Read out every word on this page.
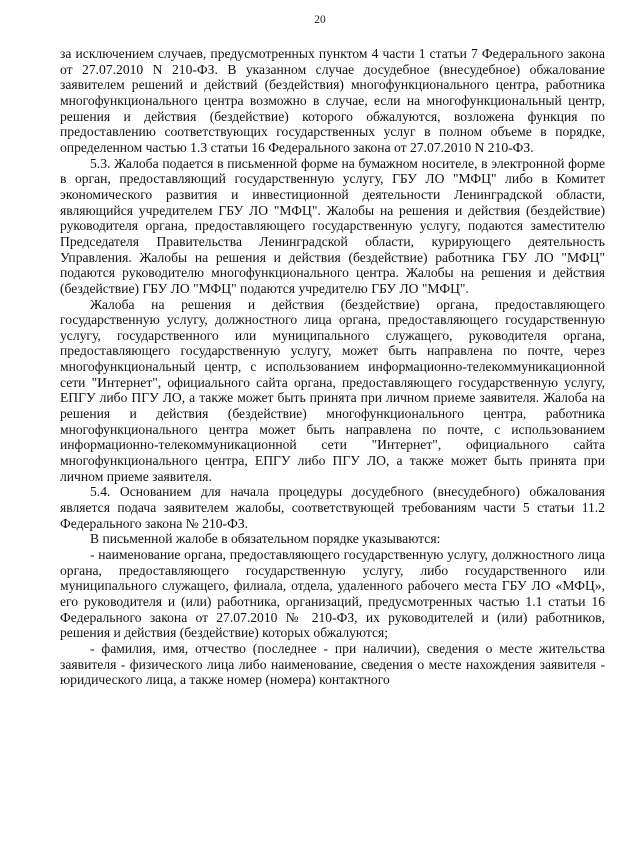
20

за исключением случаев, предусмотренных пунктом 4 части 1 статьи 7 Федерального закона от 27.07.2010 N 210-ФЗ. В указанном случае досудебное (внесудебное) обжалование заявителем решений и действий (бездействия) многофункционального центра, работника многофункционального центра возможно в случае, если на многофункциональный центр, решения и действия (бездействие) которого обжалуются, возложена функция по предоставлению соответствующих государственных услуг в полном объеме в порядке, определенном частью 1.3 статьи 16 Федерального закона от 27.07.2010 N 210-ФЗ.

5.3. Жалоба подается в письменной форме на бумажном носителе, в электронной форме в орган, предоставляющий государственную услугу, ГБУ ЛО "МФЦ" либо в Комитет экономического развития и инвестиционной деятельности Ленинградской области, являющийся учредителем ГБУ ЛО "МФЦ". Жалобы на решения и действия (бездействие) руководителя органа, предоставляющего государственную услугу, подаются заместителю Председателя Правительства Ленинградской области, курирующего деятельность Управления. Жалобы на решения и действия (бездействие) работника ГБУ ЛО "МФЦ" подаются руководителю многофункционального центра. Жалобы на решения и действия (бездействие) ГБУ ЛО "МФЦ" подаются учредителю ГБУ ЛО "МФЦ".

Жалоба на решения и действия (бездействие) органа, предоставляющего государственную услугу, должностного лица органа, предоставляющего государственную услугу, государственного или муниципального служащего, руководителя органа, предоставляющего государственную услугу, может быть направлена по почте, через многофункциональный центр, с использованием информационно-телекоммуникационной сети "Интернет", официального сайта органа, предоставляющего государственную услугу, ЕПГУ либо ПГУ ЛО, а также может быть принята при личном приеме заявителя. Жалоба на решения и действия (бездействие) многофункционального центра, работника многофункционального центра может быть направлена по почте, с использованием информационно-телекоммуникационной сети "Интернет", официального сайта многофункционального центра, ЕПГУ либо ПГУ ЛО, а также может быть принята при личном приеме заявителя.

5.4. Основанием для начала процедуры досудебного (внесудебного) обжалования является подача заявителем жалобы, соответствующей требованиям части 5 статьи 11.2 Федерального закона № 210-ФЗ.

В письменной жалобе в обязательном порядке указываются:

- наименование органа, предоставляющего государственную услугу, должностного лица органа, предоставляющего государственную услугу, либо государственного или муниципального служащего, филиала, отдела, удаленного рабочего места ГБУ ЛО «МФЦ», его руководителя и (или) работника, организаций, предусмотренных частью 1.1 статьи 16 Федерального закона от 27.07.2010 № 210-ФЗ, их руководителей и (или) работников, решения и действия (бездействие) которых обжалуются;

- фамилия, имя, отчество (последнее - при наличии), сведения о месте жительства заявителя - физического лица либо наименование, сведения о месте нахождения заявителя - юридического лица, а также номер (номера) контактного
